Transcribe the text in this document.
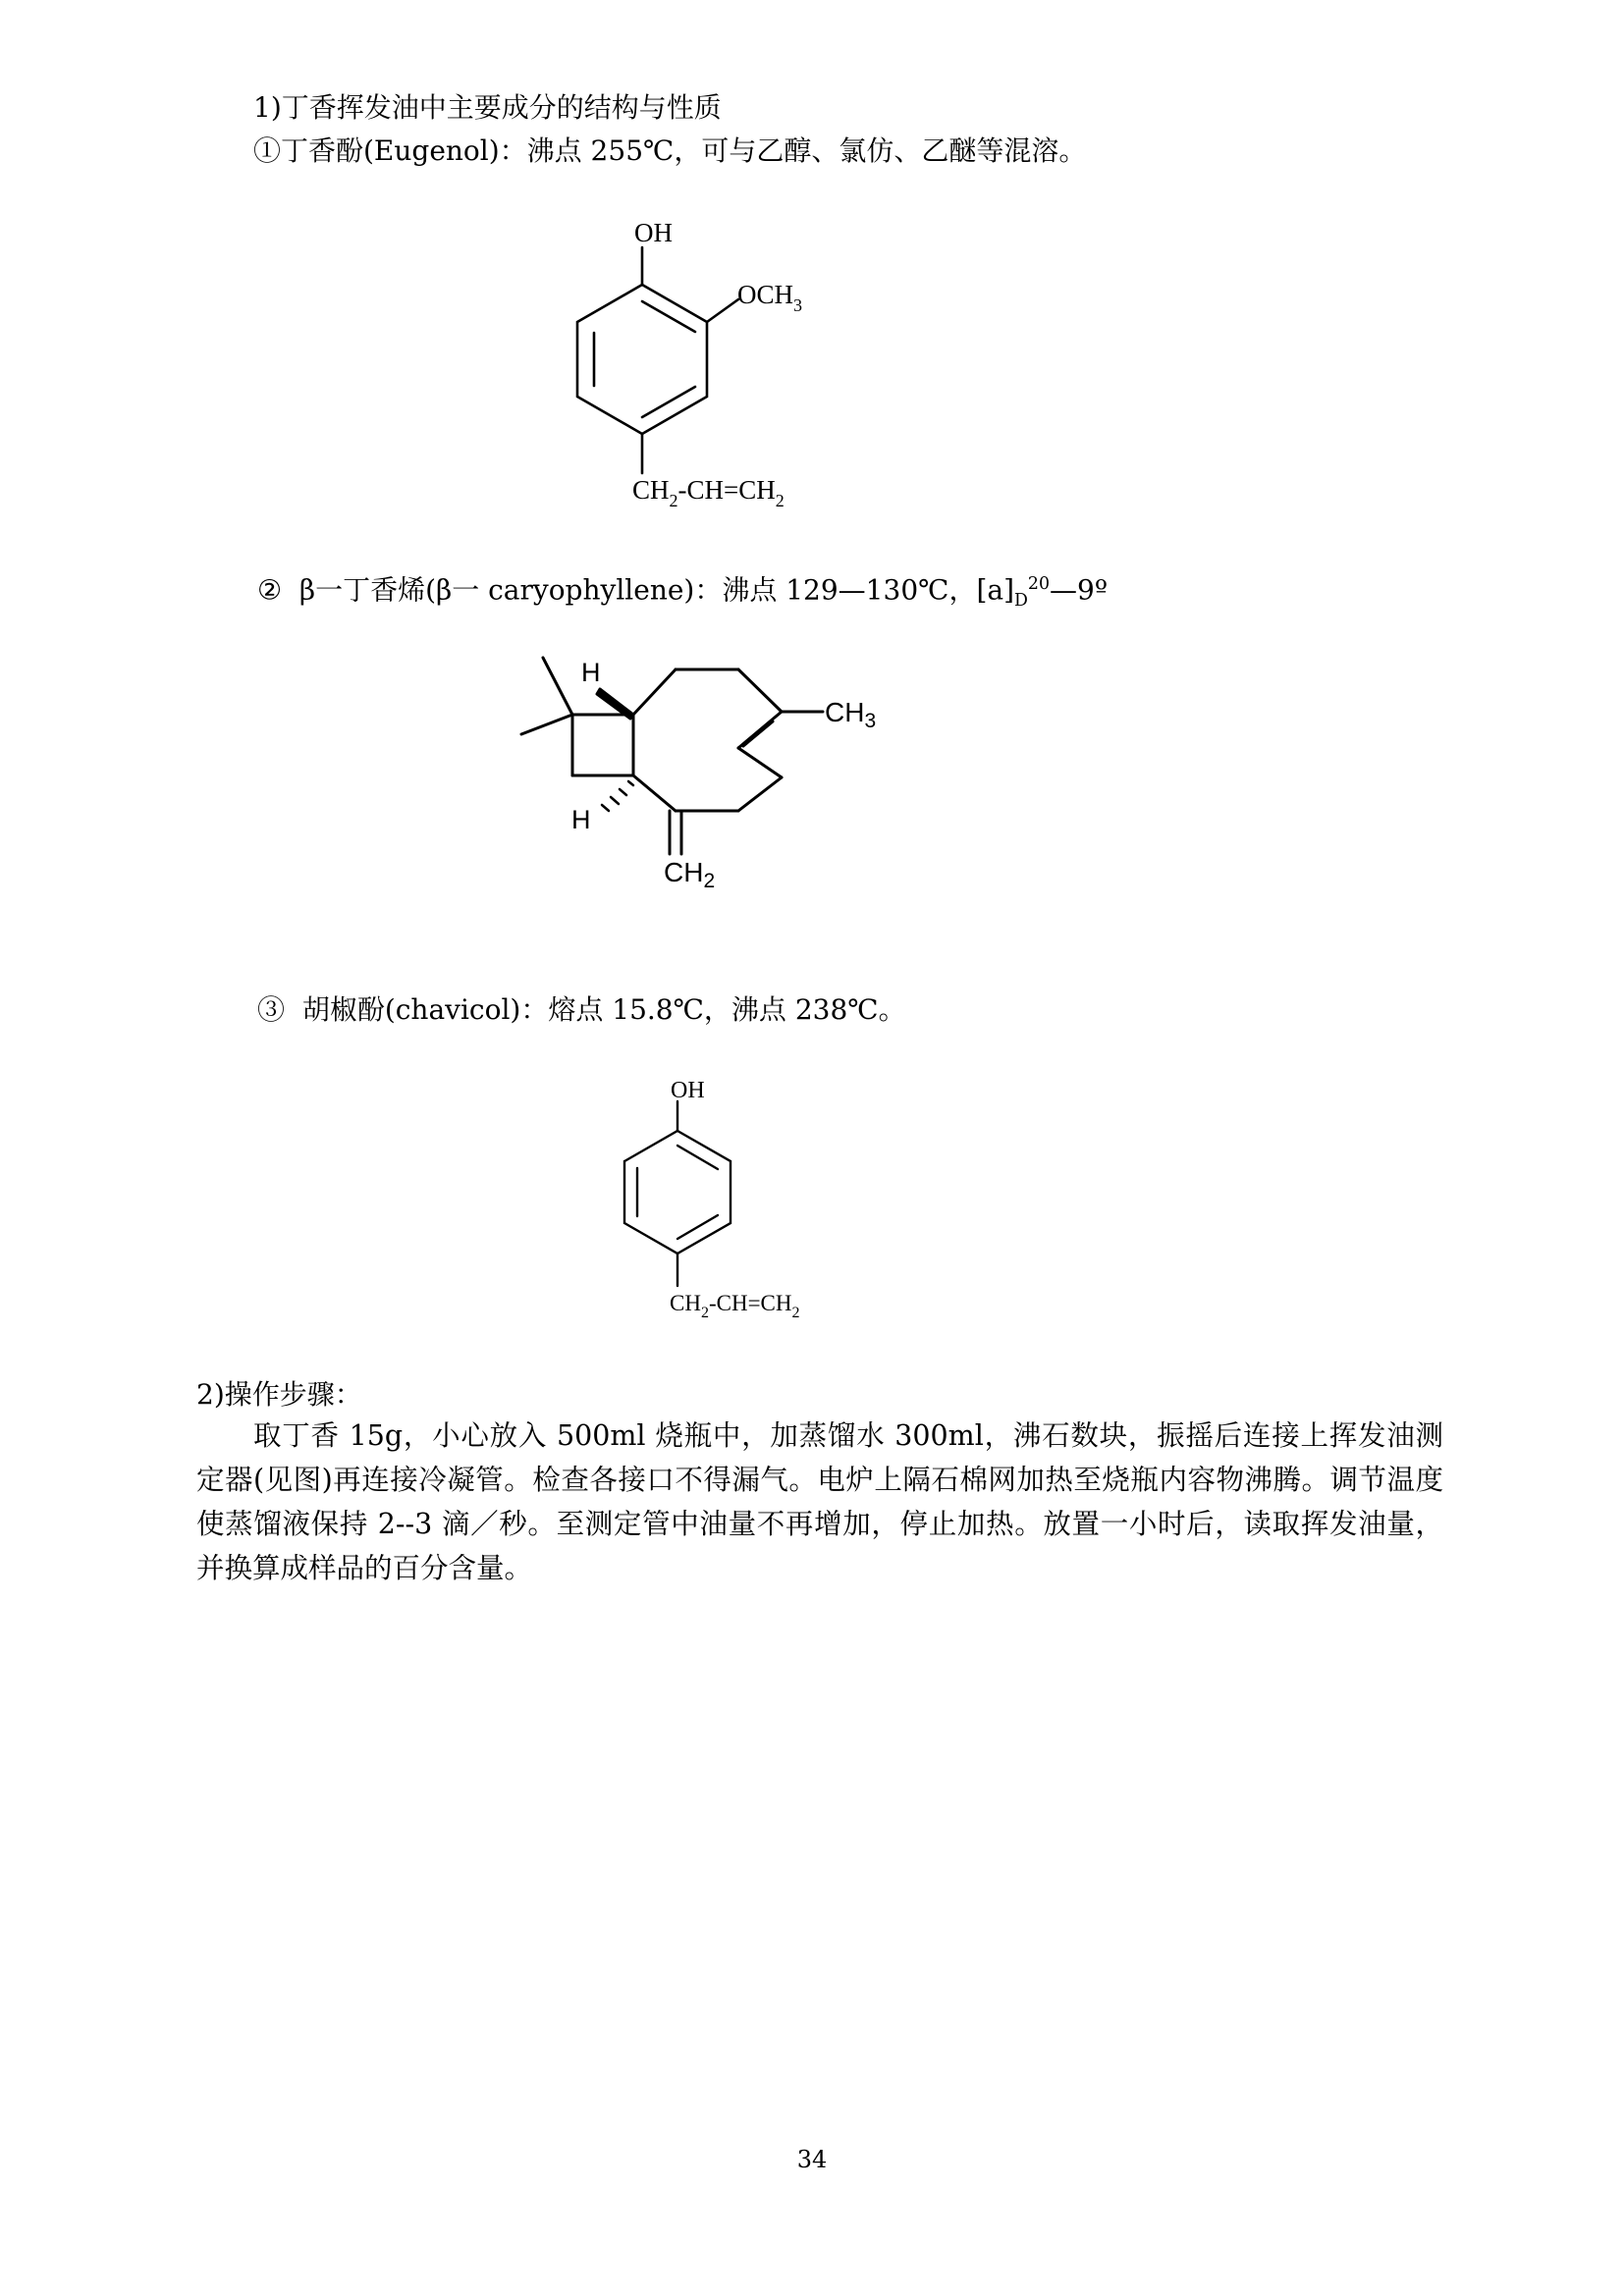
1)丁香挥发油中主要成分的结构与性质
①丁香酚(Eugenol)：沸点 255℃，可与乙醇、氯仿、乙醚等混溶。
OH
$OCH_3$
$CH_2-CH=CH_2$
② β一丁香烯(β一 caryophyllene)：沸点 129—130℃，$[a]_D^{20}—9º$
H
H
$CH_3$
$CH_2$
③ 胡椒酚(chavicol)：熔点 15.8℃，沸点 238℃。
OH
$CH_2-CH=CH_2$
2)操作步骤：
取丁香 15g，小心放入 500ml 烧瓶中，加蒸馏水 300ml，沸石数块，振摇后连接上挥发油测定器(见图)再连接冷凝管。检查各接口不得漏气。电炉上隔石棉网加热至烧瓶内容物沸腾。调节温度使蒸馏液保持 2--3 滴／秒。至测定管中油量不再增加，停止加热。放置一小时后，读取挥发油量，并换算成样品的百分含量。
34
